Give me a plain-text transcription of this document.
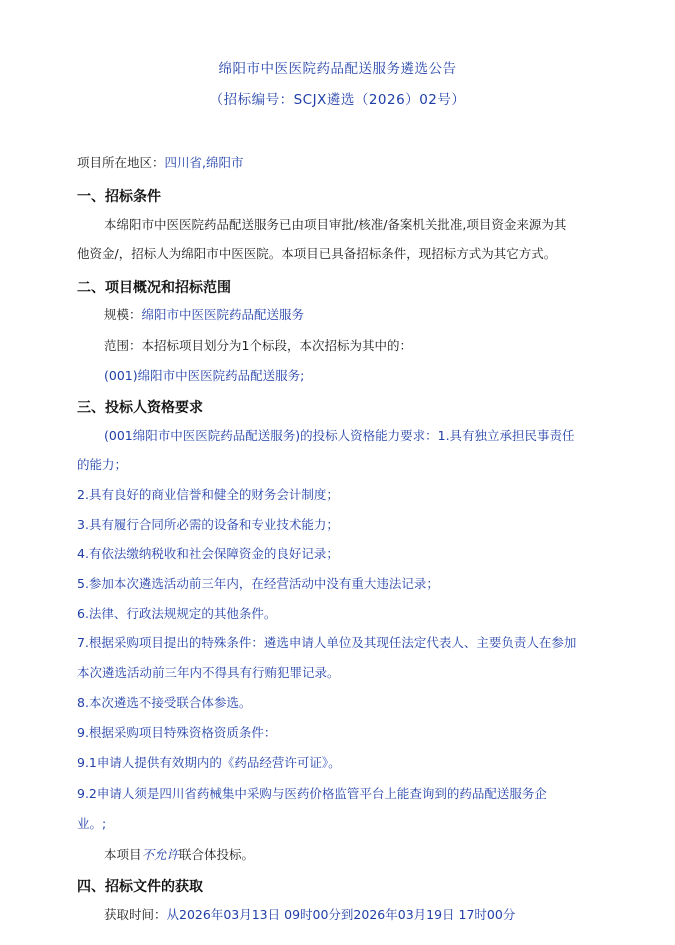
绵阳市中医医院药品配送服务遴选公告
（招标编号：SCJX遴选（2026）02号）
项目所在地区：四川省,绵阳市
一、招标条件
本绵阳市中医医院药品配送服务已由项目审批/核准/备案机关批准,项目资金来源为其
他资金/，招标人为绵阳市中医医院。本项目已具备招标条件，现招标方式为其它方式。
二、项目概况和招标范围
规模：绵阳市中医医院药品配送服务
范围：本招标项目划分为1个标段，本次招标为其中的：
(001)绵阳市中医医院药品配送服务;
三、投标人资格要求
(001绵阳市中医医院药品配送服务)的投标人资格能力要求：1.具有独立承担民事责任
的能力；
2.具有良好的商业信誉和健全的财务会计制度；
3.具有履行合同所必需的设备和专业技术能力；
4.有依法缴纳税收和社会保障资金的良好记录；
5.参加本次遴选活动前三年内，在经营活动中没有重大违法记录；
6.法律、行政法规规定的其他条件。
7.根据采购项目提出的特殊条件：遴选申请人单位及其现任法定代表人、主要负责人在参加
本次遴选活动前三年内不得具有行贿犯罪记录。
8.本次遴选不接受联合体参选。
9.根据采购项目特殊资格资质条件：
9.1申请人提供有效期内的《药品经营许可证》。
9.2申请人须是四川省药械集中采购与医药价格监管平台上能查询到的药品配送服务企
业。;
本项目不允许联合体投标。
四、招标文件的获取
获取时间：从2026年03月13日 09时00分到2026年03月19日 17时00分
